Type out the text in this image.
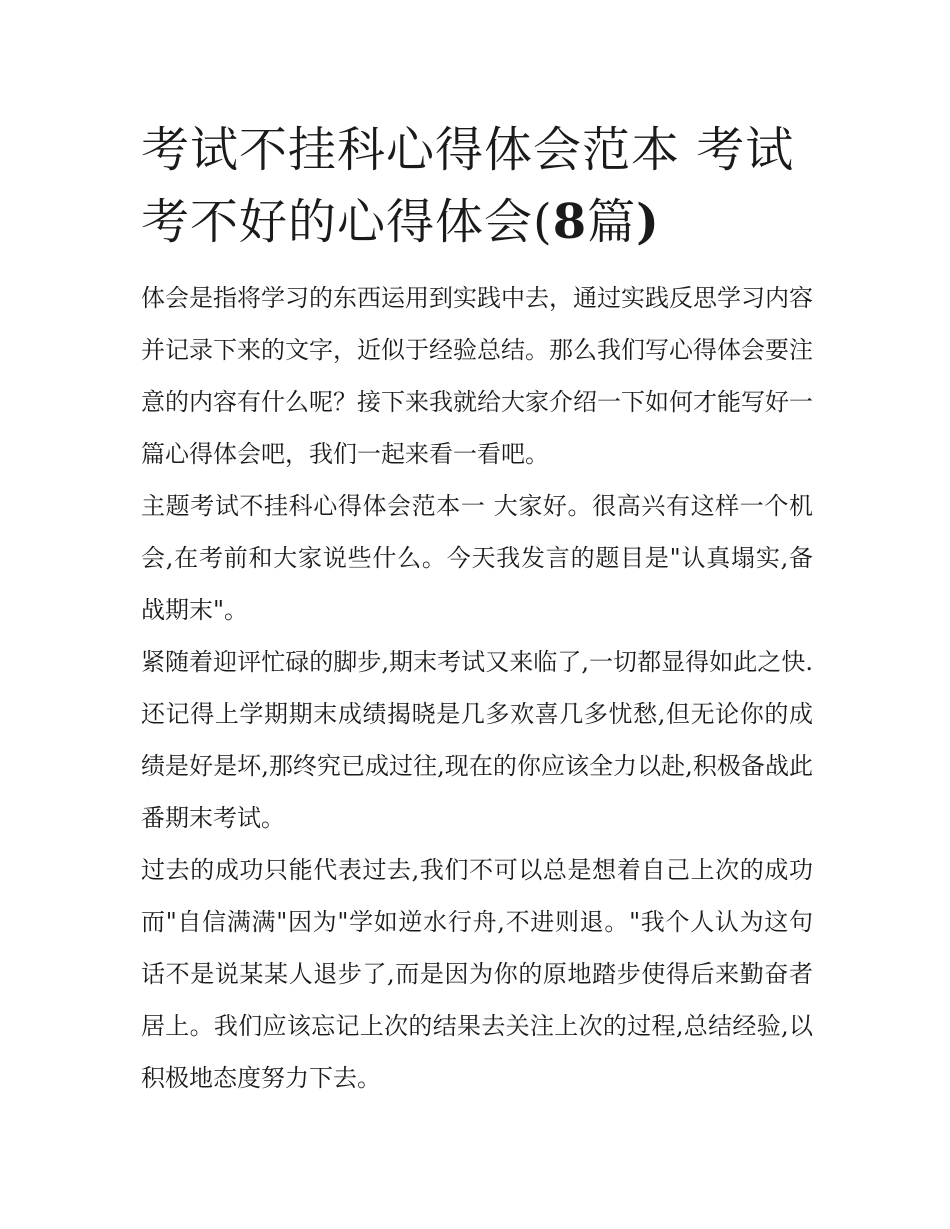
考试不挂科心得体会范本 考试考不好的心得体会(8篇)

体会是指将学习的东西运用到实践中去，通过实践反思学习内容并记录下来的文字，近似于经验总结。那么我们写心得体会要注意的内容有什么呢？接下来我就给大家介绍一下如何才能写好一篇心得体会吧，我们一起来看一看吧。

主题考试不挂科心得体会范本一 大家好。很高兴有这样一个机会,在考前和大家说些什么。今天我发言的题目是"认真塌实,备战期末"。

紧随着迎评忙碌的脚步,期末考试又来临了,一切都显得如此之快.还记得上学期期末成绩揭晓是几多欢喜几多忧愁,但无论你的成绩是好是坏,那终究已成过往,现在的你应该全力以赴,积极备战此番期末考试。

过去的成功只能代表过去,我们不可以总是想着自己上次的成功而"自信满满"因为"学如逆水行舟,不进则退。"我个人认为这句话不是说某某人退步了,而是因为你的原地踏步使得后来勤奋者居上。我们应该忘记上次的结果去关注上次的过程,总结经验,以积极地态度努力下去。
